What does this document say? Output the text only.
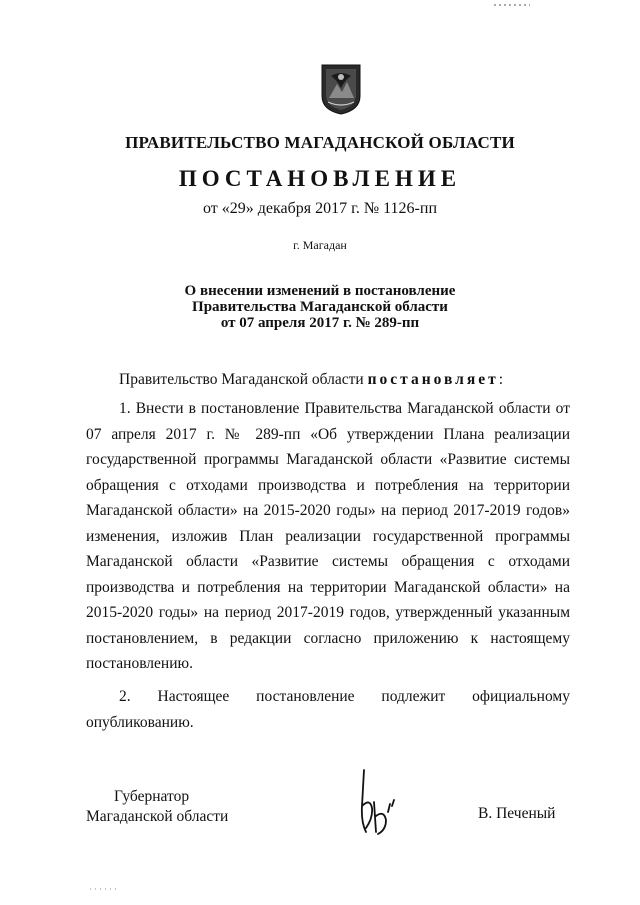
ПРАВИТЕЛЬСТВО МАГАДАНСКОЙ ОБЛАСТИ
ПОСТАНОВЛЕНИЕ
от «29» декабря 2017 г. № 1126-пп
г. Магадан
О внесении изменений в постановление
Правительства Магаданской области
от 07 апреля 2017 г. № 289-пп
Правительство Магаданской области постановляет:

1. Внести в постановление Правительства Магаданской области от 07 апреля 2017 г. № 289-пп «Об утверждении Плана реализации государственной программы Магаданской области «Развитие системы обращения с отходами производства и потребления на территории Магаданской области» на 2015-2020 годы» на период 2017-2019 годов» изменения, изложив План реализации государственной программы Магаданской области «Развитие системы обращения с отходами производства и потребления на территории Магаданской области» на 2015-2020 годы» на период 2017-2019 годов, утвержденный указанным постановлением, в редакции согласно приложению к настоящему постановлению.

2. Настоящее постановление подлежит официальному опубликованию.

Губернатор
Магаданской области	В. Печеный
